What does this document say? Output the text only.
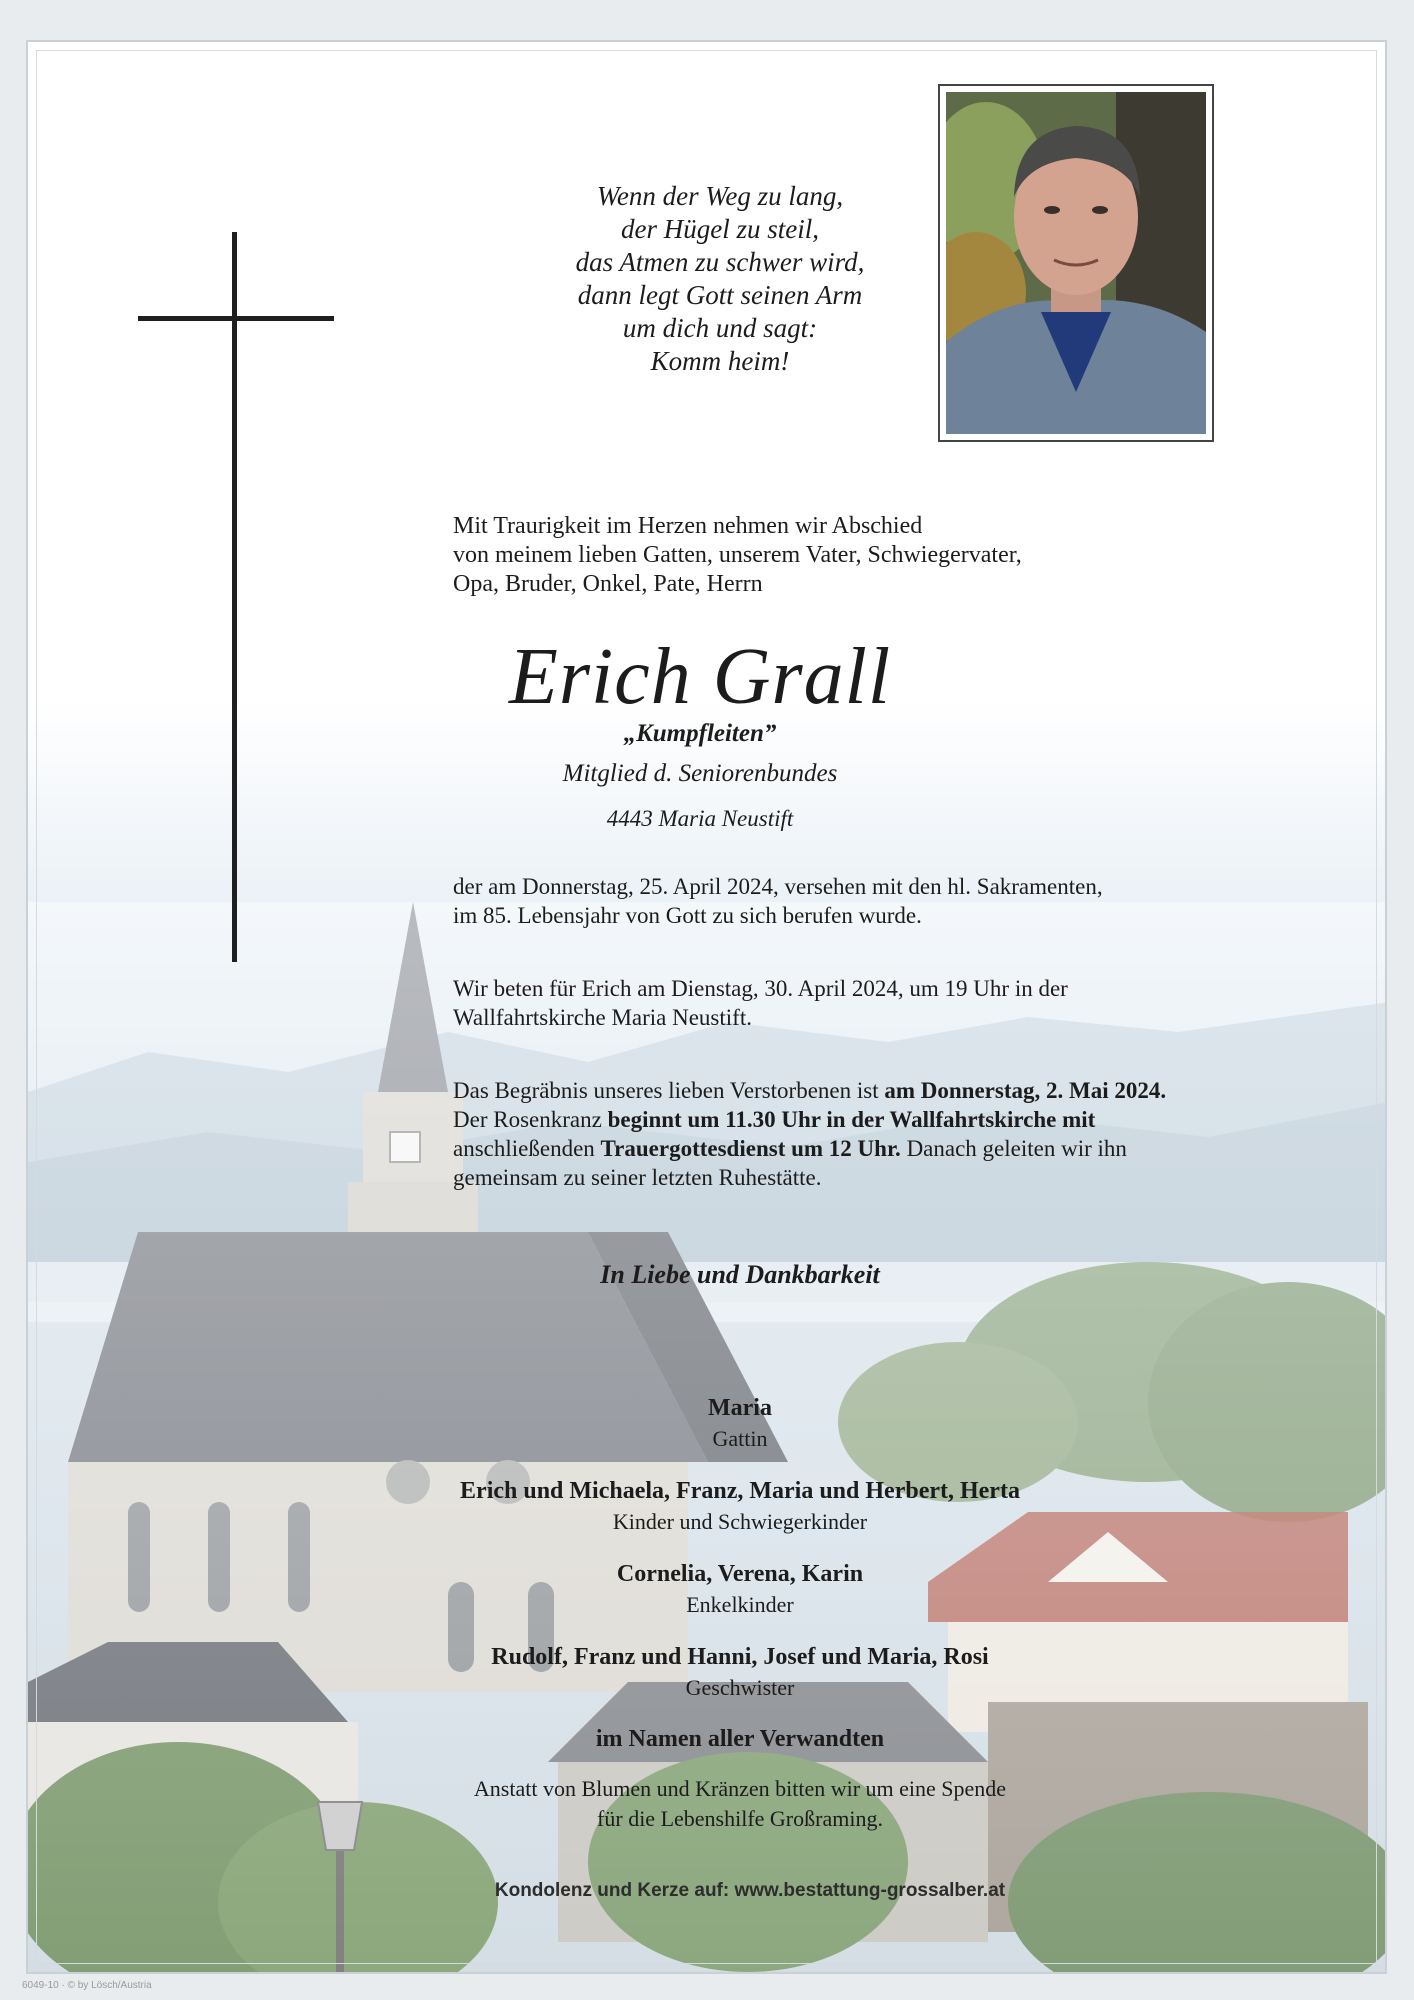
Wenn der Weg zu lang,
der Hügel zu steil,
das Atmen zu schwer wird,
dann legt Gott seinen Arm
um dich und sagt:
Komm heim!
Mit Traurigkeit im Herzen nehmen wir Abschied
von meinem lieben Gatten, unserem Vater, Schwiegervater,
Opa, Bruder, Onkel, Pate, Herrn
Erich Grall
„Kumpfleiten”
Mitglied d. Seniorenbundes
4443 Maria Neustift
der am Donnerstag, 25. April 2024, versehen mit den hl. Sakramenten,
im 85. Lebensjahr von Gott zu sich berufen wurde.
Wir beten für Erich am Dienstag, 30. April 2024, um 19 Uhr in der
Wallfahrtskirche Maria Neustift.
Das Begräbnis unseres lieben Verstorbenen ist am Donnerstag, 2. Mai 2024.
Der Rosenkranz beginnt um 11.30 Uhr in der Wallfahrtskirche mit
anschließenden Trauergottesdienst um 12 Uhr. Danach geleiten wir ihn
gemeinsam zu seiner letzten Ruhestätte.
In Liebe und Dankbarkeit
Maria
Gattin
Erich und Michaela, Franz, Maria und Herbert, Herta
Kinder und Schwiegerkinder
Cornelia, Verena, Karin
Enkelkinder
Rudolf, Franz und Hanni, Josef und Maria, Rosi
Geschwister
im Namen aller Verwandten
Anstatt von Blumen und Kränzen bitten wir um eine Spende
für die Lebenshilfe Großraming.
Kondolenz und Kerze auf: www.bestattung-grossalber.at
6049-10 · © by Lösch/Austria
